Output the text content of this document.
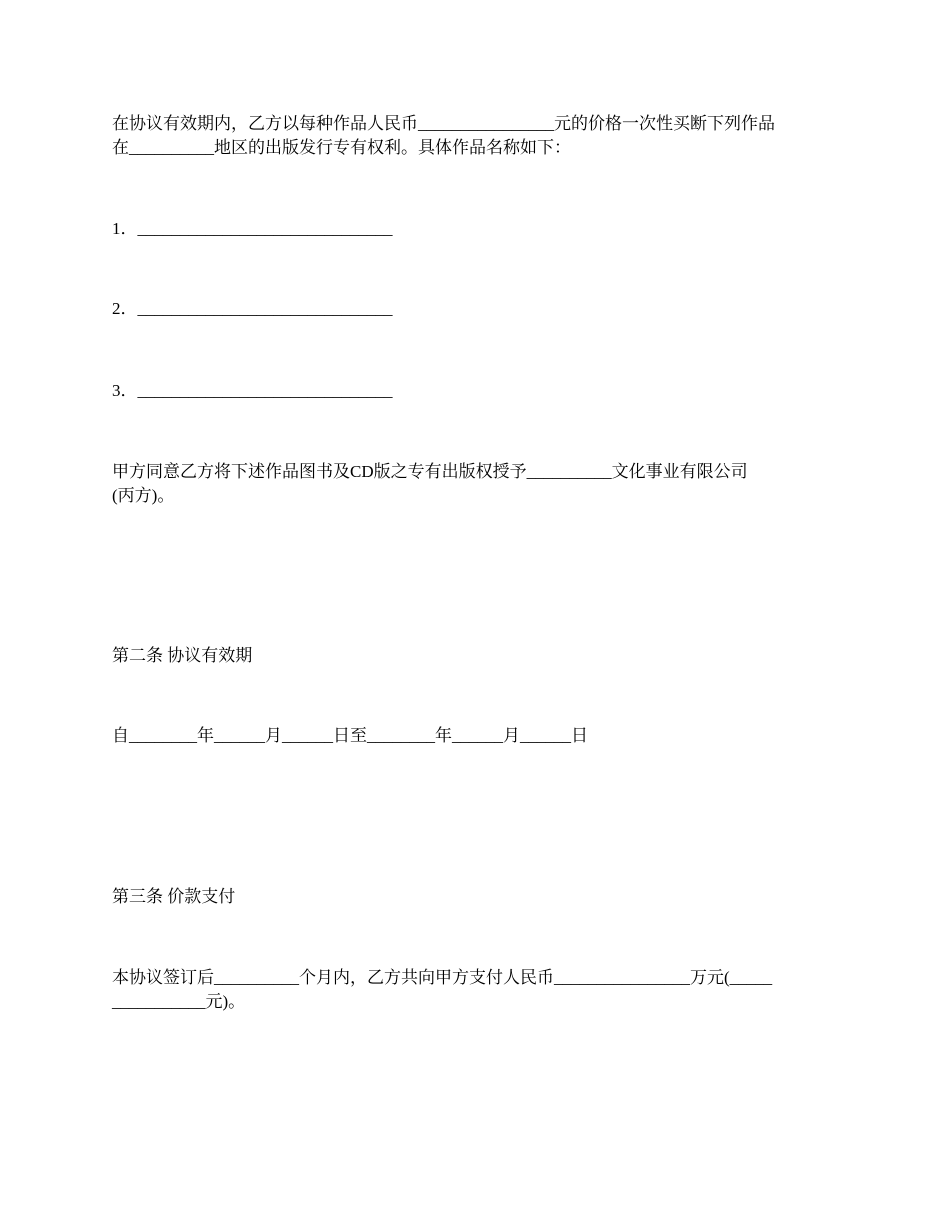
在协议有效期内，乙方以每种作品人民币________________元的价格一次性买断下列作品
在__________地区的出版发行专有权利。具体作品名称如下：
1．______________________________
2．______________________________
3．______________________________
甲方同意乙方将下述作品图书及CD版之专有出版权授予__________文化事业有限公司
(丙方)。
第二条 协议有效期
自________年______月______日至________年______月______日
第三条 价款支付
本协议签订后__________个月内，乙方共向甲方支付人民币________________万元(_____
___________元)。
